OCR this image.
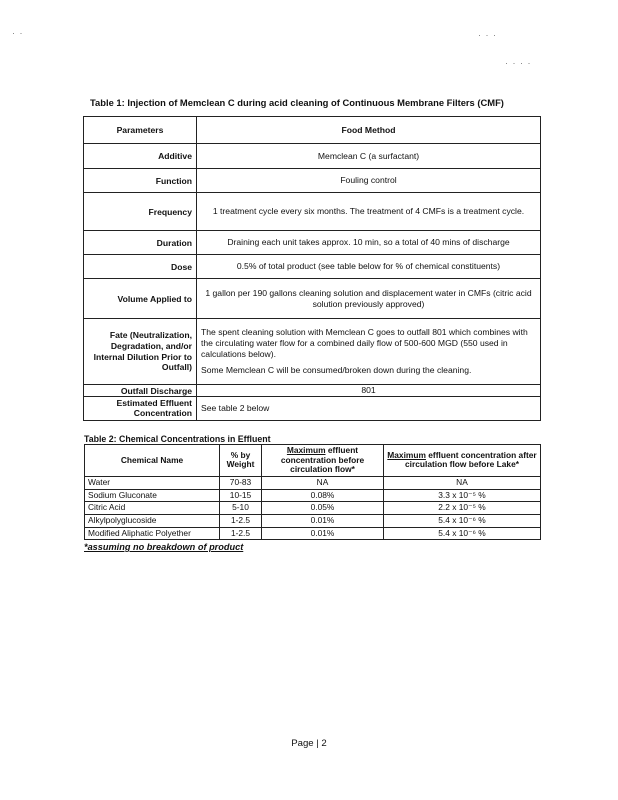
· ·	· · ·
· · · ·
Table 1: Injection of Memclean C during acid cleaning of Continuous Membrane Filters (CMF)
Parameters	Food Method
Additive	Memclean C (a surfactant)
Function	Fouling control
Frequency	1 treatment cycle every six months. The treatment of 4 CMFs is a treatment cycle.
Duration	Draining each unit takes approx. 10 min, so a total of 40 mins of discharge
Dose	0.5% of total product (see table below for % of chemical constituents)
Volume Applied to	1 gallon per 190 gallons cleaning solution and displacement water in CMFs (citric acid solution previously approved)
Fate (Neutralization, Degradation, and/or Internal Dilution Prior to Outfall)	The spent cleaning solution with Memclean C goes to outfall 801 which combines with the circulating water flow for a combined daily flow of 500-600 MGD (550 used in calculations below).
Some Memclean C will be consumed/broken down during the cleaning.

Outfall Discharge	801
Estimated Effluent Concentration	See table 2 below
Table 2: Chemical Concentrations in Effluent
Chemical Name	% by Weight	Maximum effluent concentration before circulation flow*	Maximum effluent concentration after circulation flow before Lake*
Water	70-83	NA	NA
Sodium Gluconate	10-15	0.08%	3.3 x 10⁻⁵ %
Citric Acid	5-10	0.05%	2.2 x 10⁻⁵ %
Alkylpolyglucoside	1-2.5	0.01%	5.4 x 10⁻⁶ %
Modified Aliphatic Polyether	1-2.5	0.01%	5.4 x 10⁻⁶ %
*assuming no breakdown of product
Page | 2
